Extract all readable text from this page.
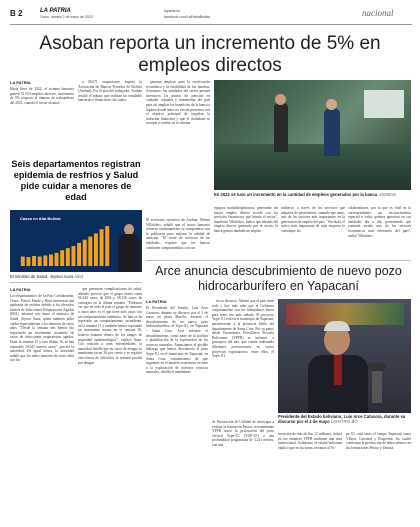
B 2	LA PATRIA
Oruro, martes 2 de mayo de 2023
lapatria.bo
facebook.com/LaPatriaBolivia	nacional
Asoban reporta un incremento de 5% en empleos directos
LA PATRIA

Hasta fines de 2022, el sistema bancario generó 31.554 empleos directos, incremento de 5% respecto al número de trabajadores del 2021, cuando el sector alcanzó

a 30.071 ocupaciones, reportó la Asociación de Bancos Privados de Bolivia (Asoban). Por el alza del trabajador, Asoban resaltó el trabajo que realizan las entidades bancarias e financieras, las cuales

generan empleos para la reactivación económica y la estabilidad de las familias. Asimismo, las entidades del sector prestan incentivos los puntos de atención en ciudades capitales e intermedias del país para así ampliar los beneficios de la banca a lugares donde antes no existía presencia con el objetivo principal de impulsar la inclusión financiera y que el ciudadano se acerque a confiar en el sistema.

En 2022 se tuvo un incremento en la cantidad de empleos generados por la banca ASOBAN

El secretario ejecutivo de Asoban, Nelson Villalobos, señaló que el sector bancario refuerza continuamente su compromiso con la población para mejorar la calidad de atención. "El cierre de servicios de las entidades, requiere que los bancos continúen comprometidos con sus

equipos multidisciplinarios, generando así mayor empleo directo acorde con los servicios financieros que brinda el sector", manifestó Villalobos. Indicó que además del empleo directo generado por el sector, la banca genera también un empleo

indirecto, a través de los servicios que adquiere de proveedores, sumado que tanto, uno de los sectores más importantes en la generación de empleo del país. "Sin duda, el activo más importante de toda empresa lo constituye los

colaboradores, por lo que es vital en la correspondiente un reconocimiento especial a todos quienes apuestan en sus entidades día a día, permitiendo que continúe siendo uno de los sectores económicos más relevantes del país", indicó Villalobos.

Seis departamentos registran epidemia de resfríos y Salud pide cuidar a menores de edad
Casos en Alta Bolivia
El ministro de Salud, Jeyson Auza (der)
LA PATRIA

Los departamentos de La Paz, Cochabamba, Oruro, Potosí, Pando y Beni atraviesan una epidemia de resfríos debido a los elevados índices de Infecciones Respiratorias Agudas (IRA), informó este lunes el ministro de Salud, Jeyson Auza, quien también pidió cuidar especialmente a los menores de cinco años. "Desde la semana seis hemos ido reportando un incremento sostenido de casos de infecciones respiratorias agudas. Entre la semana 15 y esta última 16, se han reportado 16.647 nuevos casos", precisó la autoridad. De igual forma, la autoridad señaló que los niños menores de cinco años son los

que presentan complicaciones de salud, además, precisó que el grupo etario suma 56.340 casos de IRA y 58.116 casos de contagios en la última semana. "Podemos ver que en todo el país el grupo de menores a cinco años es el que tiene más casos con un comportamiento endémico. Se han ve ha reportado un comportamiento ascendente, en la semana 15 y también hemos reportado un incremento menor en la semana 16, todavía estamos dentro de los rangos de seguridad epidemiológica", explicó Auza. Con relación a otras enfermedades, la autoridad detalló que en casos de dengue se mantienen en un 30 por ciento y se registró otra tónica de fallecidos la semana pasada por dengue.

Arce anuncia descubrimiento de nuevo pozo hidrocarburífero en Yapacaní
LA PATRIA

El Presidente del Estado, Luis Arce Catacora, durante su discurso por el 1 de mayo en plaza Murillo, anunció el descubrimiento de un nuevo pozo hidrocarburífero, el Yope-X1, en Yapacaní - Santa Cruz. Arce informó el descubrimiento, como parte de la política y planificación de la exploración de los recursos naturales. Anunciamos el posible hallazgo que hemos descubierto el pozo Yope-X1 en el municipio de Yapacaní, en Santa Cruz, comunicamos de que seguimos en el modelo económico en base a la exploración de nuestros recursos naturales, detalló el mandatario

en su discurso. Afirmó que el país tiene todo y hoy más sabe que el Gobierno conjuntamente con los trabajadores busca para tener ese país soñado. El proyecto Yope-X1 está en el municipio de Yapacaní, perteneciente a la provincia Ichilo del departamento de Santa Cruz. Por su parte, desde Yacimientos Petrolíferos Fiscales Bolivianos (YPFB) se informó, a principios del año, que cuenta realizando diferentes perforaciones en varios proyectos exploratorios, entre ellos, el Yope-X1.

Presidente del Estado boliviano, Luis Arce Catacora, durante su discurso por el 1 de mayo LAPATRIA.BO

de Perforación de Utilidad de investigar a evaluar la formación Petaca, recientemente YPFB inició la perforación del pozo vertical Yope-X1 (YOP-X1) a una profundidad programada de 3.241 metros, con una

inversión de más de $us 13 millones, indicó en ese entonces YPFB mediante una nota institucional. Asimismo, la estatal boliviana explicó que en las zonas cercanas al Yo-

pe-X1, está tanto el campo Yapacaní como Víbora, Cascabel y Boquerón, los cuales confirman la producción de hidrocarburos en las formaciones Petaca y Yantata.
